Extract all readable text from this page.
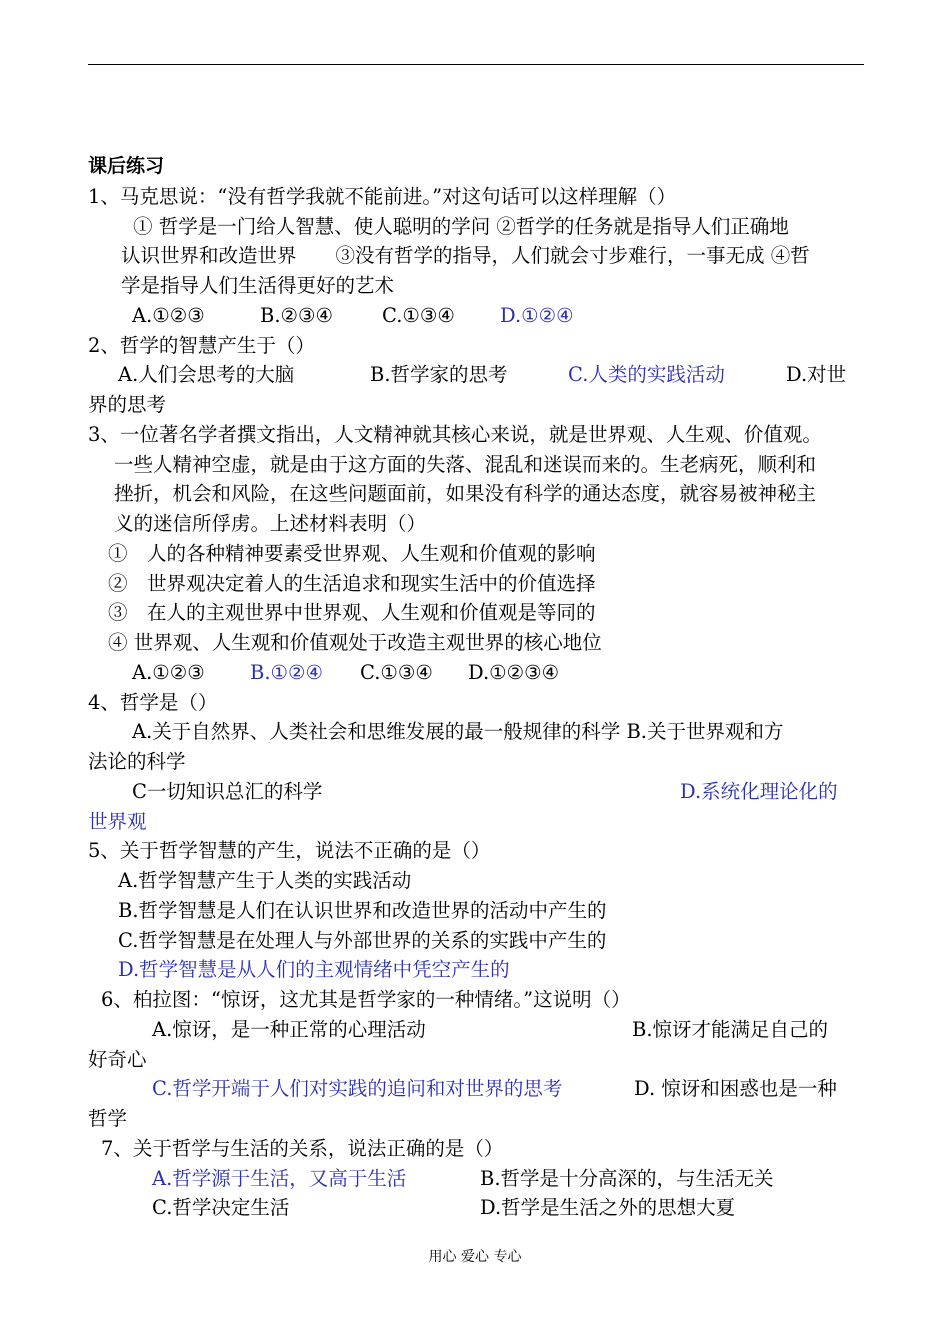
课后练习
1、马克思说：“没有哲学我就不能前进。”对这句话可以这样理解（）
① 哲学是一门给人智慧、使人聪明的学问 ②哲学的任务就是指导人们正确地
认识世界和改造世界　　③没有哲学的指导，人们就会寸步难行，一事无成 ④哲
学是指导人们生活得更好的艺术
A.①②③	B.②③④	C.①③④ D.①②④
2、哲学的智慧产生于（）
A.人们会思考的大脑	B.哲学家的思考	C.人类的实践活动	D.对世
界的思考
3、一位著名学者撰文指出，人文精神就其核心来说，就是世界观、人生观、价值观。
一些人精神空虚，就是由于这方面的失落、混乱和迷误而来的。生老病死，顺利和
挫折，机会和风险，在这些问题面前，如果没有科学的通达态度，就容易被神秘主
义的迷信所俘虏。上述材料表明（）
①　人的各种精神要素受世界观、人生观和价值观的影响
②　世界观决定着人的生活追求和现实生活中的价值选择
③　在人的主观世界中世界观、人生观和价值观是等同的
④ 世界观、人生观和价值观处于改造主观世界的核心地位
A.①②③ B.①②④ C.①③④ D.①②③④
4、哲学是（）
A.关于自然界、人类社会和思维发展的最一般规律的科学 B.关于世界观和方
法论的科学
C一切知识总汇的科学	D.系统化理论化的
世界观
5、关于哲学智慧的产生，说法不正确的是（）
A.哲学智慧产生于人类的实践活动
B.哲学智慧是人们在认识世界和改造世界的活动中产生的
C.哲学智慧是在处理人与外部世界的关系的实践中产生的
D.哲学智慧是从人们的主观情绪中凭空产生的
6、柏拉图：“惊讶，这尤其是哲学家的一种情绪。”这说明（）
A.惊讶，是一种正常的心理活动	B.惊讶才能满足自己的
好奇心
C.哲学开端于人们对实践的追问和对世界的思考	D. 惊讶和困惑也是一种
哲学
7、关于哲学与生活的关系，说法正确的是（）
A.哲学源于生活，又高于生活	B.哲学是十分高深的，与生活无关
C.哲学决定生活	D.哲学是生活之外的思想大夏
用心 爱心 专心
